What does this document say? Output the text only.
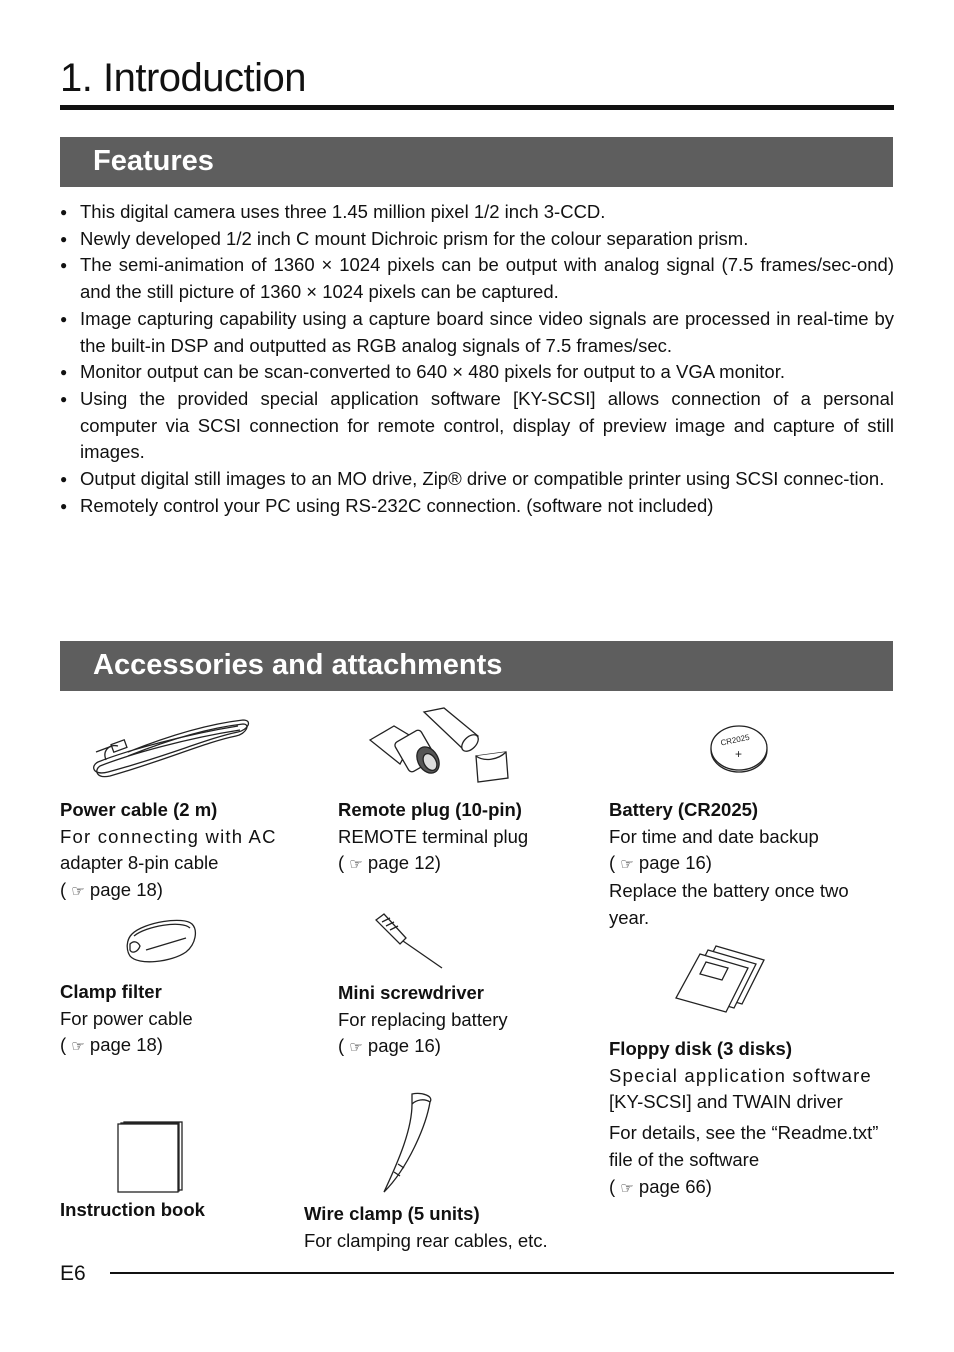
1. Introduction
Features
● This digital camera uses three 1.45 million pixel 1/2 inch 3-CCD.
● Newly developed 1/2 inch C mount Dichroic prism for the colour separation prism.
● The semi-animation of 1360 × 1024 pixels can be output with analog signal (7.5 frames/sec-ond) and the still picture of 1360 × 1024 pixels can be captured.
● Image capturing capability using a capture board since video signals are processed in real-time by the built-in DSP and outputted as RGB analog signals of 7.5 frames/sec.
● Monitor output can be scan-converted to 640 × 480 pixels for output to a VGA monitor.
● Using the provided special application software [KY-SCSI] allows connection of a personal computer via SCSI connection for remote control, display of preview image and capture of still images.
● Output digital still images to an MO drive, Zip® drive or compatible printer using SCSI connec-tion.
● Remotely control your PC using RS-232C connection. (software not included)
Accessories and attachments
Power cable (2 m)
For connecting with AC
adapter 8-pin cable
( ☞ page 18)
Remote plug (10-pin)
REMOTE terminal plug
( ☞ page 12)
CR2025
+
Battery (CR2025)
For time and date backup
( ☞ page 16)
Replace the battery once two
year.
Clamp filter
For power cable
( ☞ page 18)
Mini screwdriver
For replacing battery
( ☞ page 16)	Floppy disk (3 disks)
Special application software
[KY-SCSI] and TWAIN driver
For details, see the “Readme.txt”
file of the software
( ☞ page 66)
Instruction book	Wire clamp (5 units)
For clamping rear cables, etc.
E6
